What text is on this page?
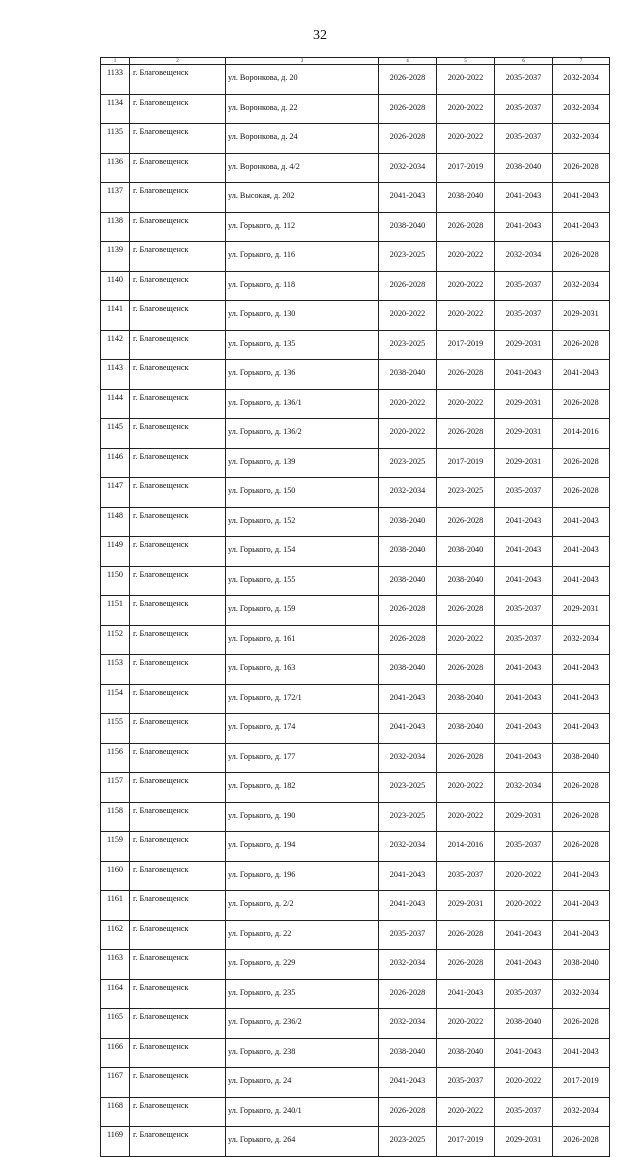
32
1	2	3	4	5	6	7
1133	г. Благовещенск	ул. Воронкова, д. 20	2026-2028	2020-2022	2035-2037	2032-2034
1134	г. Благовещенск	ул. Воронкова, д. 22	2026-2028	2020-2022	2035-2037	2032-2034
1135	г. Благовещенск	ул. Воронкова, д. 24	2026-2028	2020-2022	2035-2037	2032-2034
1136	г. Благовещенск	ул. Воронкова, д. 4/2	2032-2034	2017-2019	2038-2040	2026-2028
1137	г. Благовещенск	ул. Высокая, д. 202	2041-2043	2038-2040	2041-2043	2041-2043
1138	г. Благовещенск	ул. Горького, д. 112	2038-2040	2026-2028	2041-2043	2041-2043
1139	г. Благовещенск	ул. Горького, д. 116	2023-2025	2020-2022	2032-2034	2026-2028
1140	г. Благовещенск	ул. Горького, д. 118	2026-2028	2020-2022	2035-2037	2032-2034
1141	г. Благовещенск	ул. Горького, д. 130	2020-2022	2020-2022	2035-2037	2029-2031
1142	г. Благовещенск	ул. Горького, д. 135	2023-2025	2017-2019	2029-2031	2026-2028
1143	г. Благовещенск	ул. Горького, д. 136	2038-2040	2026-2028	2041-2043	2041-2043
1144	г. Благовещенск	ул. Горького, д. 136/1	2020-2022	2020-2022	2029-2031	2026-2028
1145	г. Благовещенск	ул. Горького, д. 136/2	2020-2022	2026-2028	2029-2031	2014-2016
1146	г. Благовещенск	ул. Горького, д. 139	2023-2025	2017-2019	2029-2031	2026-2028
1147	г. Благовещенск	ул. Горького, д. 150	2032-2034	2023-2025	2035-2037	2026-2028
1148	г. Благовещенск	ул. Горького, д. 152	2038-2040	2026-2028	2041-2043	2041-2043
1149	г. Благовещенск	ул. Горького, д. 154	2038-2040	2038-2040	2041-2043	2041-2043
1150	г. Благовещенск	ул. Горького, д. 155	2038-2040	2038-2040	2041-2043	2041-2043
1151	г. Благовещенск	ул. Горького, д. 159	2026-2028	2026-2028	2035-2037	2029-2031
1152	г. Благовещенск	ул. Горького, д. 161	2026-2028	2020-2022	2035-2037	2032-2034
1153	г. Благовещенск	ул. Горького, д. 163	2038-2040	2026-2028	2041-2043	2041-2043
1154	г. Благовещенск	ул. Горького, д. 172/1	2041-2043	2038-2040	2041-2043	2041-2043
1155	г. Благовещенск	ул. Горького, д. 174	2041-2043	2038-2040	2041-2043	2041-2043
1156	г. Благовещенск	ул. Горького, д. 177	2032-2034	2026-2028	2041-2043	2038-2040
1157	г. Благовещенск	ул. Горького, д. 182	2023-2025	2020-2022	2032-2034	2026-2028
1158	г. Благовещенск	ул. Горького, д. 190	2023-2025	2020-2022	2029-2031	2026-2028
1159	г. Благовещенск	ул. Горького, д. 194	2032-2034	2014-2016	2035-2037	2026-2028
1160	г. Благовещенск	ул. Горького, д. 196	2041-2043	2035-2037	2020-2022	2041-2043
1161	г. Благовещенск	ул. Горького, д. 2/2	2041-2043	2029-2031	2020-2022	2041-2043
1162	г. Благовещенск	ул. Горького, д. 22	2035-2037	2026-2028	2041-2043	2041-2043
1163	г. Благовещенск	ул. Горького, д. 229	2032-2034	2026-2028	2041-2043	2038-2040
1164	г. Благовещенск	ул. Горького, д. 235	2026-2028	2041-2043	2035-2037	2032-2034
1165	г. Благовещенск	ул. Горького, д. 236/2	2032-2034	2020-2022	2038-2040	2026-2028
1166	г. Благовещенск	ул. Горького, д. 238	2038-2040	2038-2040	2041-2043	2041-2043
1167	г. Благовещенск	ул. Горького, д. 24	2041-2043	2035-2037	2020-2022	2017-2019
1168	г. Благовещенск	ул. Горького, д. 240/1	2026-2028	2020-2022	2035-2037	2032-2034
1169	г. Благовещенск	ул. Горького, д. 264	2023-2025	2017-2019	2029-2031	2026-2028
